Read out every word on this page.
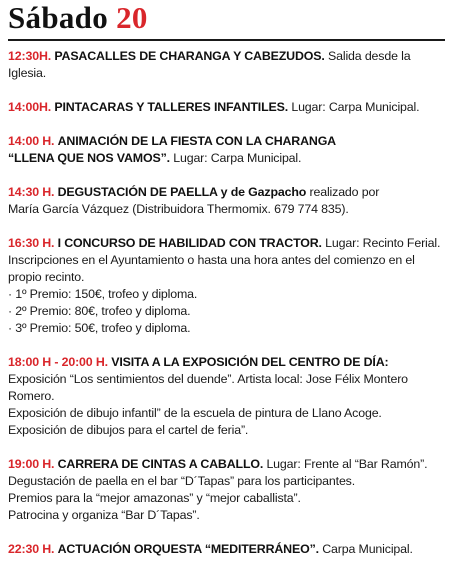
Sábado 20

12:30H. PASACALLES DE CHARANGA Y CABEZUDOS. Salida desde la Iglesia.

14:00H. PINTACARAS Y TALLERES INFANTILES. Lugar: Carpa Municipal.

14:00 H. ANIMACIÓN DE LA FIESTA CON LA CHARANGA

“LLENA QUE NOS VAMOS”. Lugar: Carpa Municipal.

14:30 H. DEGUSTACIÓN DE PAELLA y de Gazpacho realizado por

María García Vázquez (Distribuidora Thermomix. 679 774 835).

16:30 H. I CONCURSO DE HABILIDAD CON TRACTOR. Lugar: Recinto Ferial.

Inscripciones en el Ayuntamiento o hasta una hora antes del comienzo en el

propio recinto.

· 1º Premio: 150€, trofeo y diploma.

· 2º Premio: 80€, trofeo y diploma.

· 3º Premio: 50€, trofeo y diploma.

18:00 H - 20:00 H. VISITA A LA EXPOSICIÓN DEL CENTRO DE DÍA:

Exposición “Los sentimientos del duende”. Artista local: Jose Félix Montero Romero.

Exposición de dibujo infantil” de la escuela de pintura de Llano Acoge.

Exposición de dibujos para el cartel de feria”.

19:00 H. CARRERA DE CINTAS A CABALLO. Lugar: Frente al “Bar Ramón”.

Degustación de paella en el bar “D´Tapas” para los participantes.

Premios para la “mejor amazonas” y “mejor caballista”.

Patrocina y organiza “Bar D´Tapas”.

22:30 H. ACTUACIÓN ORQUESTA “MEDITERRÁNEO”. Carpa Municipal.
